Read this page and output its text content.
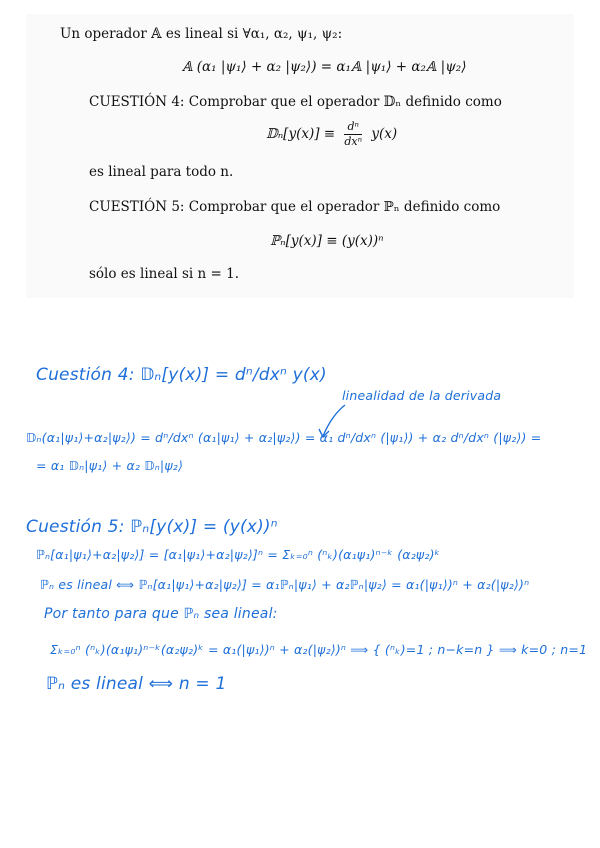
Un operador 𝔸 es lineal si ∀α₁, α₂, ψ₁, ψ₂:
𝔸 (α₁ |ψ₁⟩ + α₂ |ψ₂⟩) = α₁𝔸 |ψ₁⟩ + α₂𝔸 |ψ₂⟩
CUESTIÓN 4: Comprobar que el operador 𝔻ₙ definido como
𝔻ₙ[y(x)] ≡ $\frac{\text{dⁿ}}{\text{dxⁿ}} y(x)$
es lineal para todo n.
CUESTIÓN 5: Comprobar que el operador ℙₙ definido como
ℙₙ[y(x)] ≡ (y(x))ⁿ
sólo es lineal si n = 1.
Cuestión 4: 𝔻ₙ[y(x)] = dⁿ/dxⁿ y(x)
linealidad de la derivada
𝔻ₙ(α₁|ψ₁⟩+α₂|ψ₂⟩) = dⁿ/dxⁿ (α₁|ψ₁⟩ + α₂|ψ₂⟩) = α₁ dⁿ/dxⁿ (|ψ₁⟩) + α₂ dⁿ/dxⁿ (|ψ₂⟩) =
= α₁ 𝔻ₙ|ψ₁⟩ + α₂ 𝔻ₙ|ψ₂⟩
Cuestión 5: ℙₙ[y(x)] = (y(x))ⁿ
ℙₙ[α₁|ψ₁⟩+α₂|ψ₂⟩] = [α₁|ψ₁⟩+α₂|ψ₂⟩]ⁿ = Σₖ₌₀ⁿ (ⁿₖ)(α₁ψ₁)ⁿ⁻ᵏ (α₂ψ₂)ᵏ
ℙₙ es lineal ⟺ ℙₙ[α₁|ψ₁⟩+α₂|ψ₂⟩] = α₁ℙₙ|ψ₁⟩ + α₂ℙₙ|ψ₂⟩ = α₁(|ψ₁⟩)ⁿ + α₂(|ψ₂⟩)ⁿ
Por tanto para que ℙₙ sea lineal:
Σₖ₌₀ⁿ (ⁿₖ)(α₁ψ₁)ⁿ⁻ᵏ(α₂ψ₂)ᵏ = α₁(|ψ₁⟩)ⁿ + α₂(|ψ₂⟩)ⁿ ⟹ { (ⁿₖ)=1 ; n−k=n } ⟹ k=0 ; n=1
ℙₙ es lineal ⟺ n = 1
